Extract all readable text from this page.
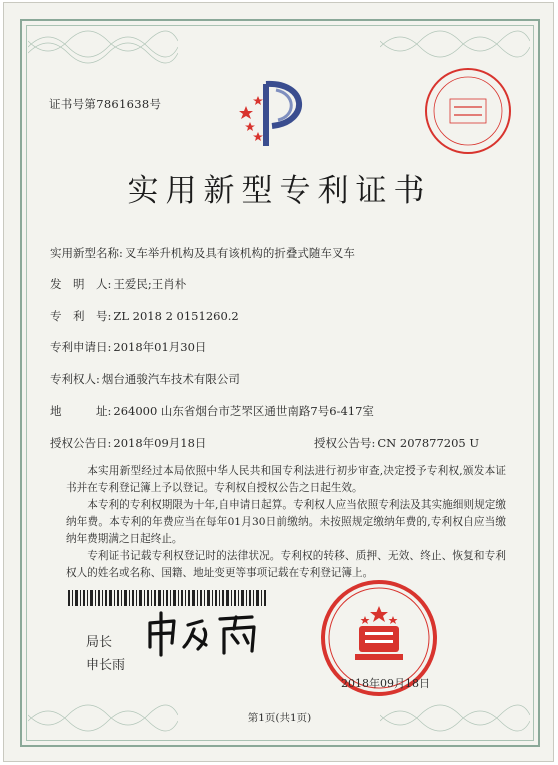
证书号第7861638号
实用新型专利证书
实用新型名称: 叉车举升机构及具有该机构的折叠式随车叉车
发　明　人: 王爱民;王肖朴
专　利　号: ZL 2018 2 0151260.2
专利申请日: 2018年01月30日
专利权人: 烟台通骏汽车技术有限公司
地　　　址: 264000 山东省烟台市芝罘区通世南路7号6-417室
授权公告日: 2018年09月18日	授权公告号: CN 207877205 U

本实用新型经过本局依照中华人民共和国专利法进行初步审查,决定授予专利权,颁发本证书并在专利登记簿上予以登记。专利权自授权公告之日起生效。

本专利的专利权期限为十年,自申请日起算。专利权人应当依照专利法及其实施细则规定缴纳年费。本专利的年费应当在每年01月30日前缴纳。未按照规定缴纳年费的,专利权自应当缴纳年费期满之日起终止。

专利证书记载专利权登记时的法律状况。专利权的转移、质押、无效、终止、恢复和专利权人的姓名或名称、国籍、地址变更等事项记载在专利登记簿上。

局长
申长雨
2018年09月18日
第1页(共1页)
